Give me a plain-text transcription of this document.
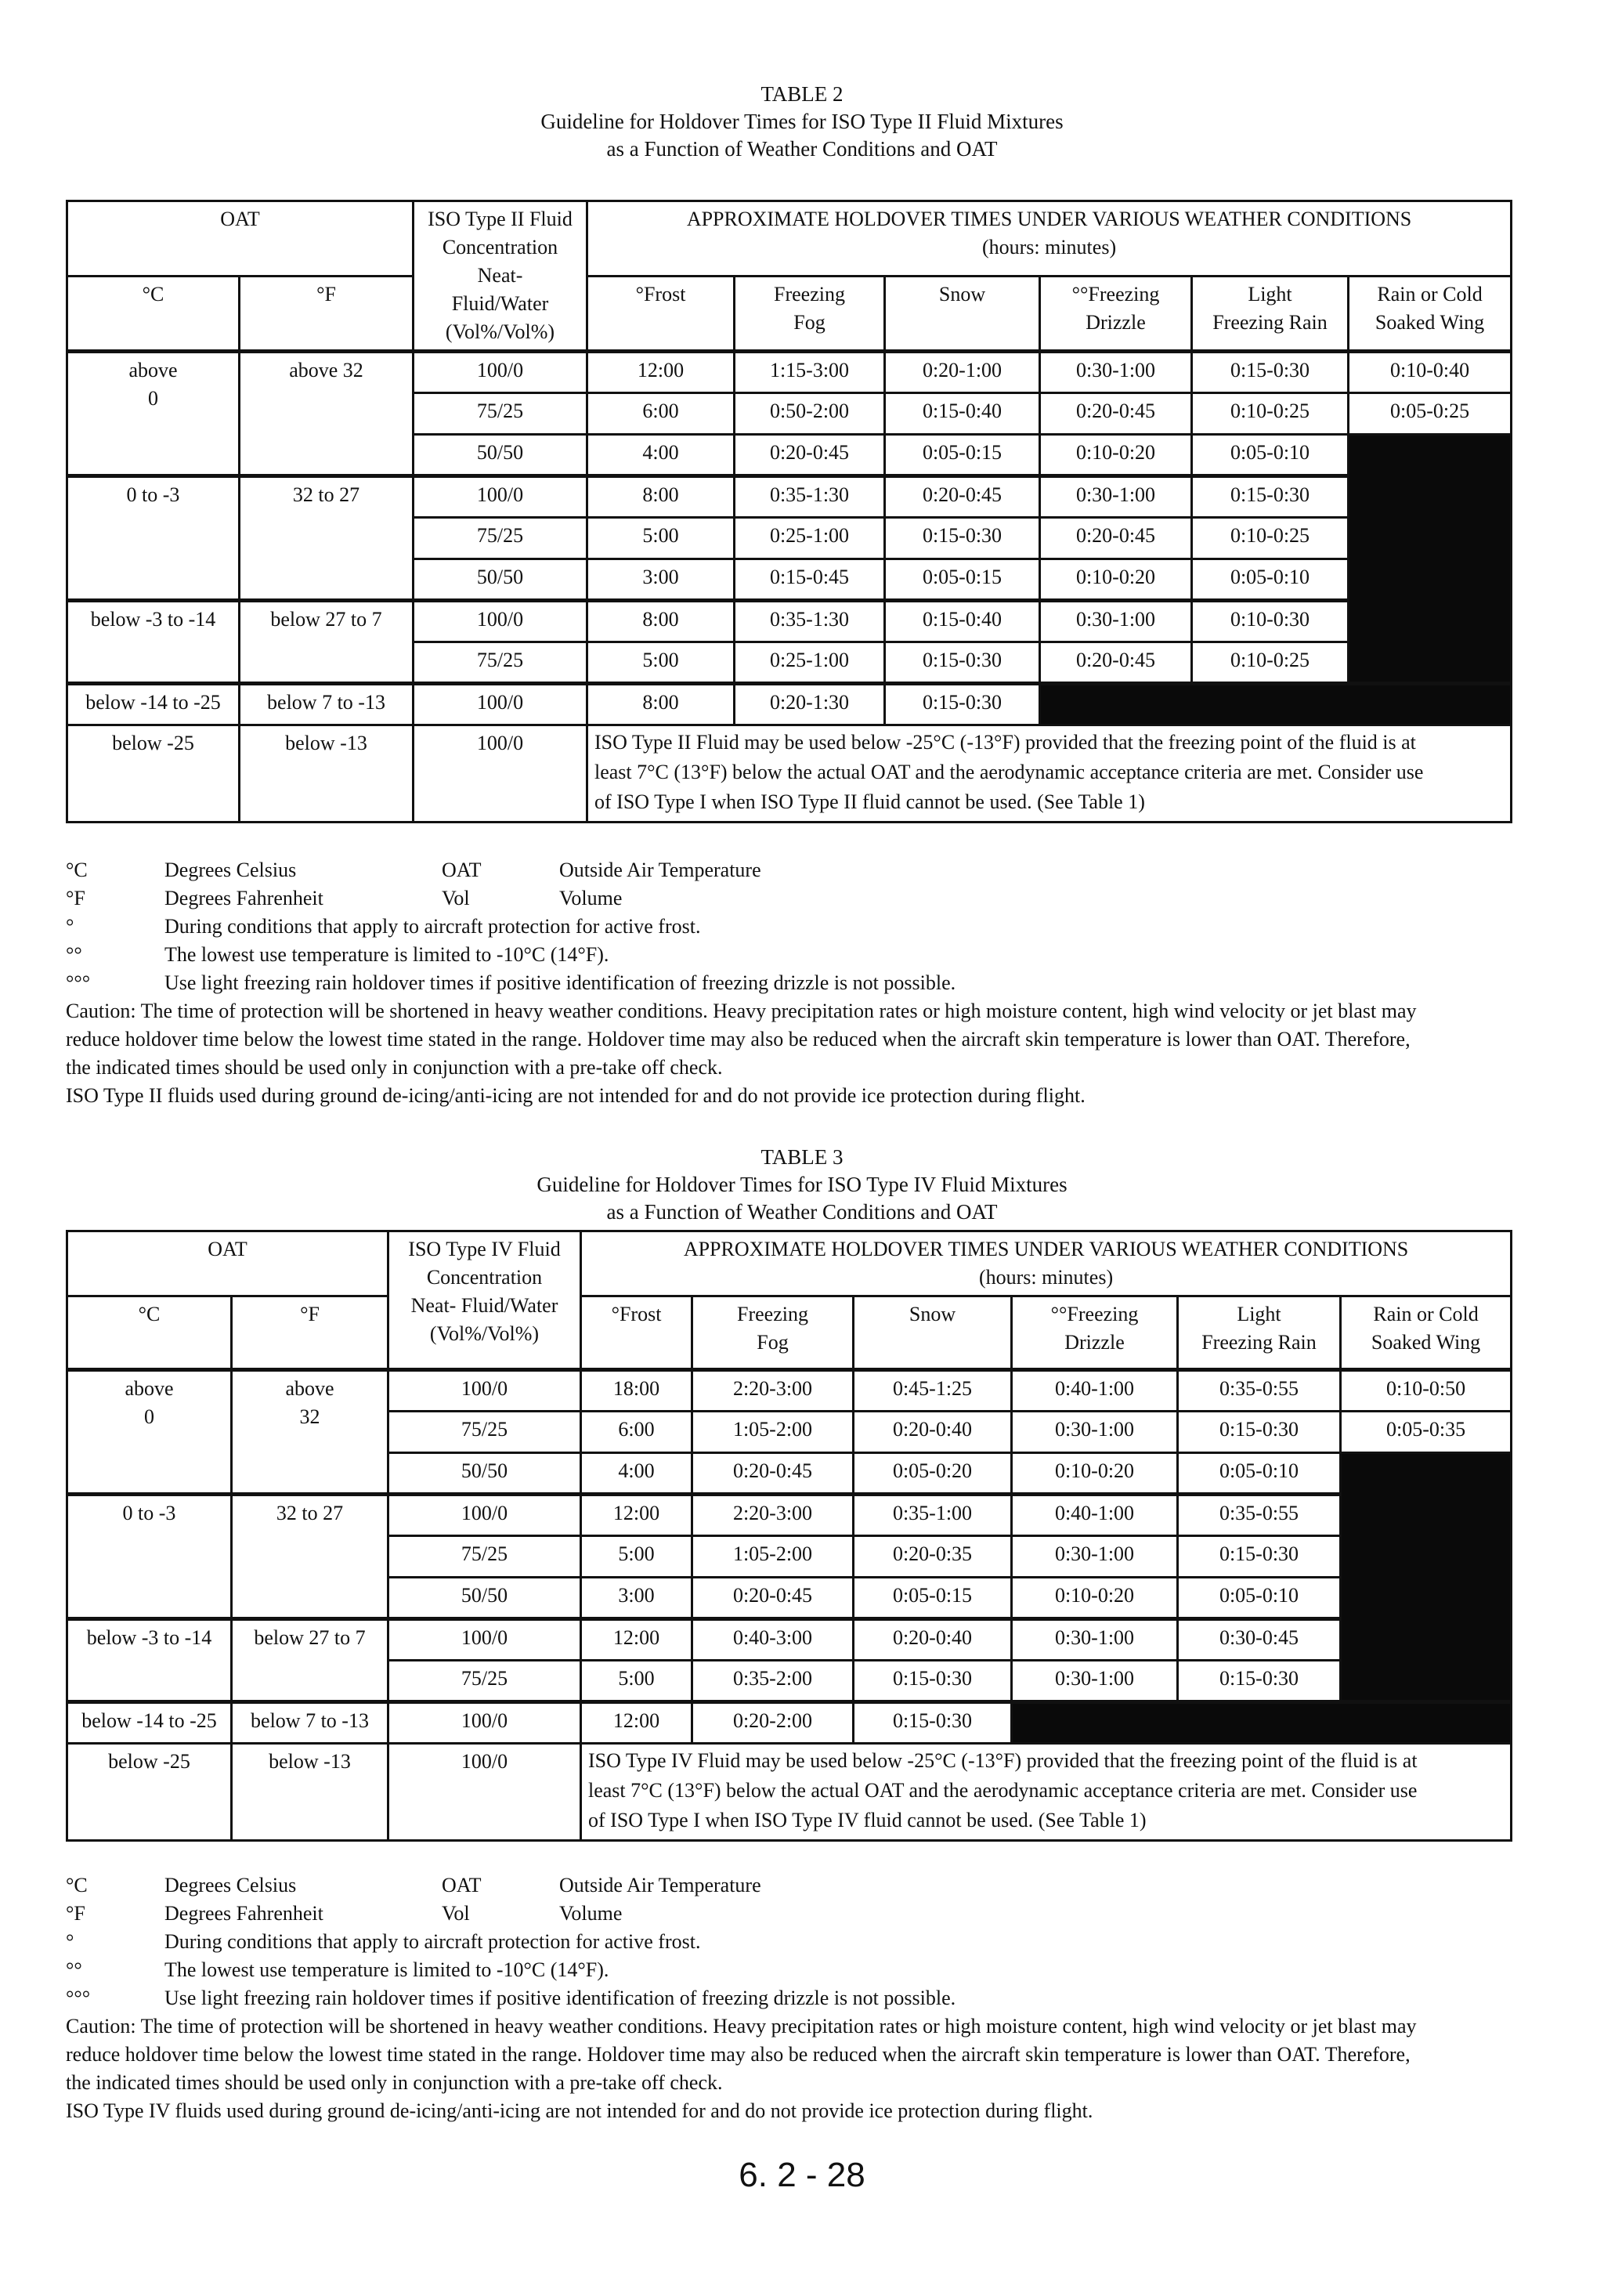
TABLE 2
Guideline for Holdover Times for ISO Type II Fluid Mixtures
as a Function of Weather Conditions and OAT
OAT		ISO Type II Fluid
Concentration
Neat-
Fluid/Water
(Vol%/Vol%)	APPROXIMATE HOLDOVER TIMES UNDER VARIOUS WEATHER CONDITIONS
(hours: minutes)					

°C	°F		°Frost	Freezing
Fog	Snow	°°Freezing
Drizzle	Light
Freezing Rain	Rain or Cold
Soaked Wing

above
0	above 32	100/0	12:00	1:15-3:00	0:20-1:00	0:30-1:00	0:15-0:30	0:10-0:40
		75/25	6:00	0:50-2:00	0:15-0:40	0:20-0:45	0:10-0:25	0:05-0:25
		50/50	4:00	0:20-0:45	0:05-0:15	0:10-0:20	0:05-0:10	
0 to -3	32 to 27	100/0	8:00	0:35-1:30	0:20-0:45	0:30-1:00	0:15-0:30	
		75/25	5:00	0:25-1:00	0:15-0:30	0:20-0:45	0:10-0:25	
		50/50	3:00	0:15-0:45	0:05-0:15	0:10-0:20	0:05-0:10	
below -3 to -14	below 27 to 7	100/0	8:00	0:35-1:30	0:15-0:40	0:30-1:00	0:10-0:30	
		75/25	5:00	0:25-1:00	0:15-0:30	0:20-0:45	0:10-0:25	
below -14 to -25	below 7 to -13	100/0	8:00	0:20-1:30	0:15-0:30			
below -25	below -13	100/0	ISO Type II Fluid may be used below -25°C (-13°F) provided that the freezing point of the fluid is at
least 7°C (13°F) below the actual OAT and the aerodynamic acceptance criteria are met. Consider use
of ISO Type I when ISO Type II fluid cannot be used. (See Table 1)					
°C	Degrees Celsius	OAT	Outside Air Temperature
°F	Degrees Fahrenheit	Vol	Volume
°	During conditions that apply to aircraft protection for active frost.
°°	The lowest use temperature is limited to -10°C (14°F).
°°°	Use light freezing rain holdover times if positive identification of freezing drizzle is not possible.
Caution: The time of protection will be shortened in heavy weather conditions. Heavy precipitation rates or high moisture content, high wind velocity or jet blast may
reduce holdover time below the lowest time stated in the range. Holdover time may also be reduced when the aircraft skin temperature is lower than OAT. Therefore,
the indicated times should be used only in conjunction with a pre-take off check.
ISO Type II fluids used during ground de-icing/anti-icing are not intended for and do not provide ice protection during flight.
TABLE 3
Guideline for Holdover Times for ISO Type IV Fluid Mixtures
as a Function of Weather Conditions and OAT
OAT		ISO Type IV Fluid
Concentration
Neat- Fluid/Water
(Vol%/Vol%)	APPROXIMATE HOLDOVER TIMES UNDER VARIOUS WEATHER CONDITIONS
(hours: minutes)					

°C	°F		°Frost	Freezing
Fog	Snow	°°Freezing
Drizzle	Light
Freezing Rain	Rain or Cold
Soaked Wing

above
0	above
32	100/0	18:00	2:20-3:00	0:45-1:25	0:40-1:00	0:35-0:55	0:10-0:50
		75/25	6:00	1:05-2:00	0:20-0:40	0:30-1:00	0:15-0:30	0:05-0:35
		50/50	4:00	0:20-0:45	0:05-0:20	0:10-0:20	0:05-0:10	
0 to -3	32 to 27	100/0	12:00	2:20-3:00	0:35-1:00	0:40-1:00	0:35-0:55	
		75/25	5:00	1:05-2:00	0:20-0:35	0:30-1:00	0:15-0:30	
		50/50	3:00	0:20-0:45	0:05-0:15	0:10-0:20	0:05-0:10	
below -3 to -14	below 27 to 7	100/0	12:00	0:40-3:00	0:20-0:40	0:30-1:00	0:30-0:45	
		75/25	5:00	0:35-2:00	0:15-0:30	0:30-1:00	0:15-0:30	
below -14 to -25	below 7 to -13	100/0	12:00	0:20-2:00	0:15-0:30			
below -25	below -13	100/0	ISO Type IV Fluid may be used below -25°C (-13°F) provided that the freezing point of the fluid is at
least 7°C (13°F) below the actual OAT and the aerodynamic acceptance criteria are met. Consider use
of ISO Type I when ISO Type IV fluid cannot be used. (See Table 1)					
°C	Degrees Celsius	OAT	Outside Air Temperature
°F	Degrees Fahrenheit	Vol	Volume
°	During conditions that apply to aircraft protection for active frost.
°°	The lowest use temperature is limited to -10°C (14°F).
°°°	Use light freezing rain holdover times if positive identification of freezing drizzle is not possible.
Caution: The time of protection will be shortened in heavy weather conditions. Heavy precipitation rates or high moisture content, high wind velocity or jet blast may
reduce holdover time below the lowest time stated in the range. Holdover time may also be reduced when the aircraft skin temperature is lower than OAT. Therefore,
the indicated times should be used only in conjunction with a pre-take off check.
ISO Type IV fluids used during ground de-icing/anti-icing are not intended for and do not provide ice protection during flight.
6. 2 - 28
